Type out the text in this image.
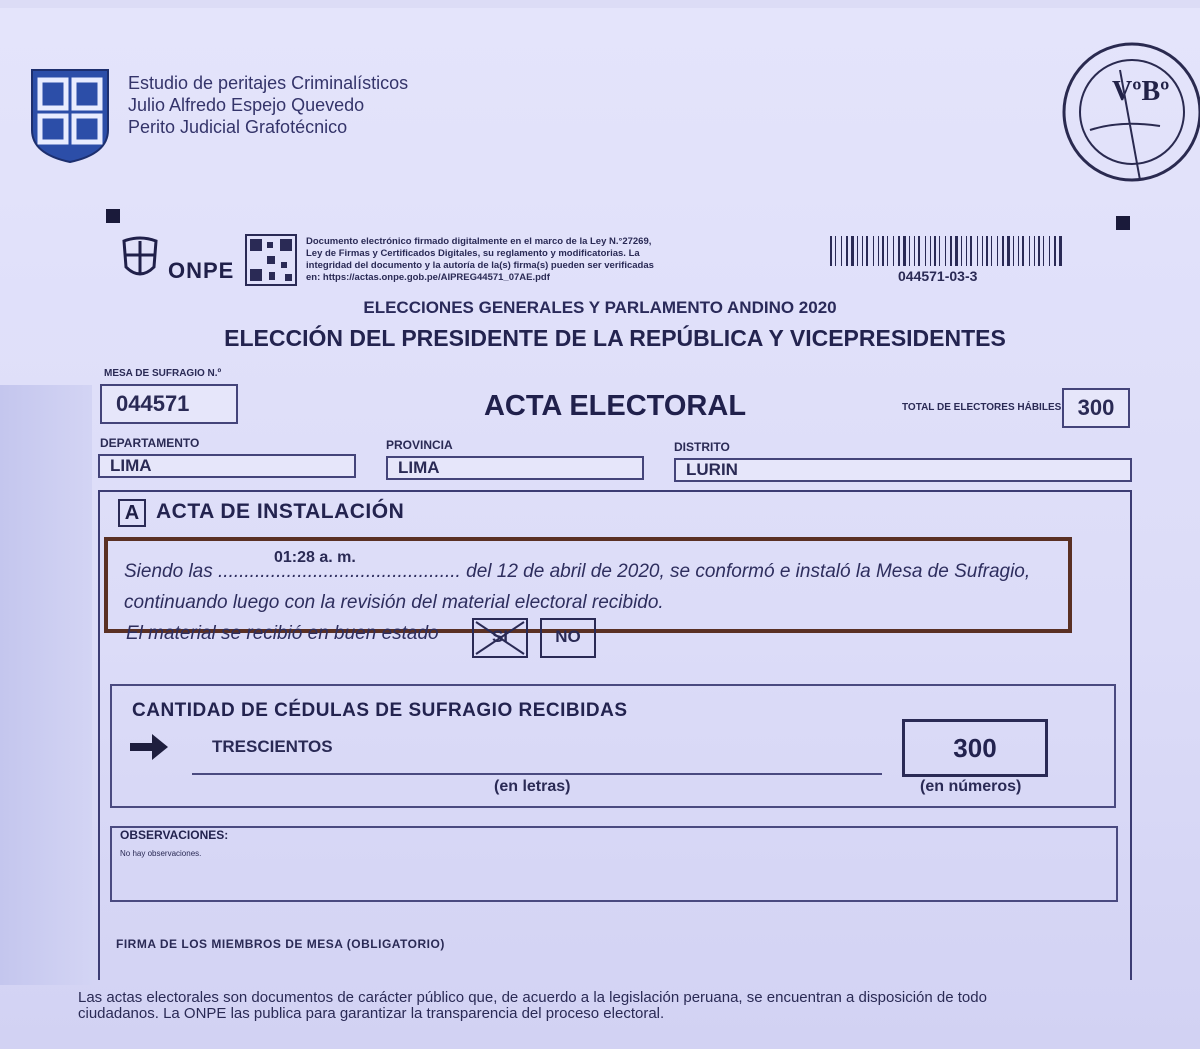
Estudio de peritajes Criminalísticos
Julio Alfredo Espejo Quevedo
Perito Judicial Grafotécnico
VºBº
ONPE
Documento electrónico firmado digitalmente en el marco de la Ley N.°27269,
Ley de Firmas y Certificados Digitales, su reglamento y modificatorias. La
integridad del documento y la autoría de la(s) firma(s) pueden ser verificadas
en: https://actas.onpe.gob.pe/AIPREG44571_07AE.pdf	044571-03-3
ELECCIONES GENERALES Y PARLAMENTO ANDINO 2020
ELECCIÓN DEL PRESIDENTE DE LA REPÚBLICA Y VICEPRESIDENTES
MESA DE SUFRAGIO N.º
044571	ACTA ELECTORAL	TOTAL DE ELECTORES HÁBILES 300
DEPARTAMENTO
LIMA
PROVINCIA
LIMA
DISTRITO
LURIN
A ACTA DE INSTALACIÓN
Siendo las .............................................. del 12 de abril de 2020, se conformó e instaló la Mesa de Sufragio,
continuando luego con la revisión del material electoral recibido.
01:28 a. m.
El material se recibió en buen estado	SI	NO
CANTIDAD DE CÉDULAS DE SUFRAGIO RECIBIDAS
TRESCIENTOS
(en letras)
300
(en números)
OBSERVACIONES:
No hay observaciones.
FIRMA DE LOS MIEMBROS DE MESA (OBLIGATORIO)
Las actas electorales son documentos de carácter público que, de acuerdo a la legislación peruana, se encuentran a disposición de todo
ciudadanos. La ONPE las publica para garantizar la transparencia del proceso electoral.
